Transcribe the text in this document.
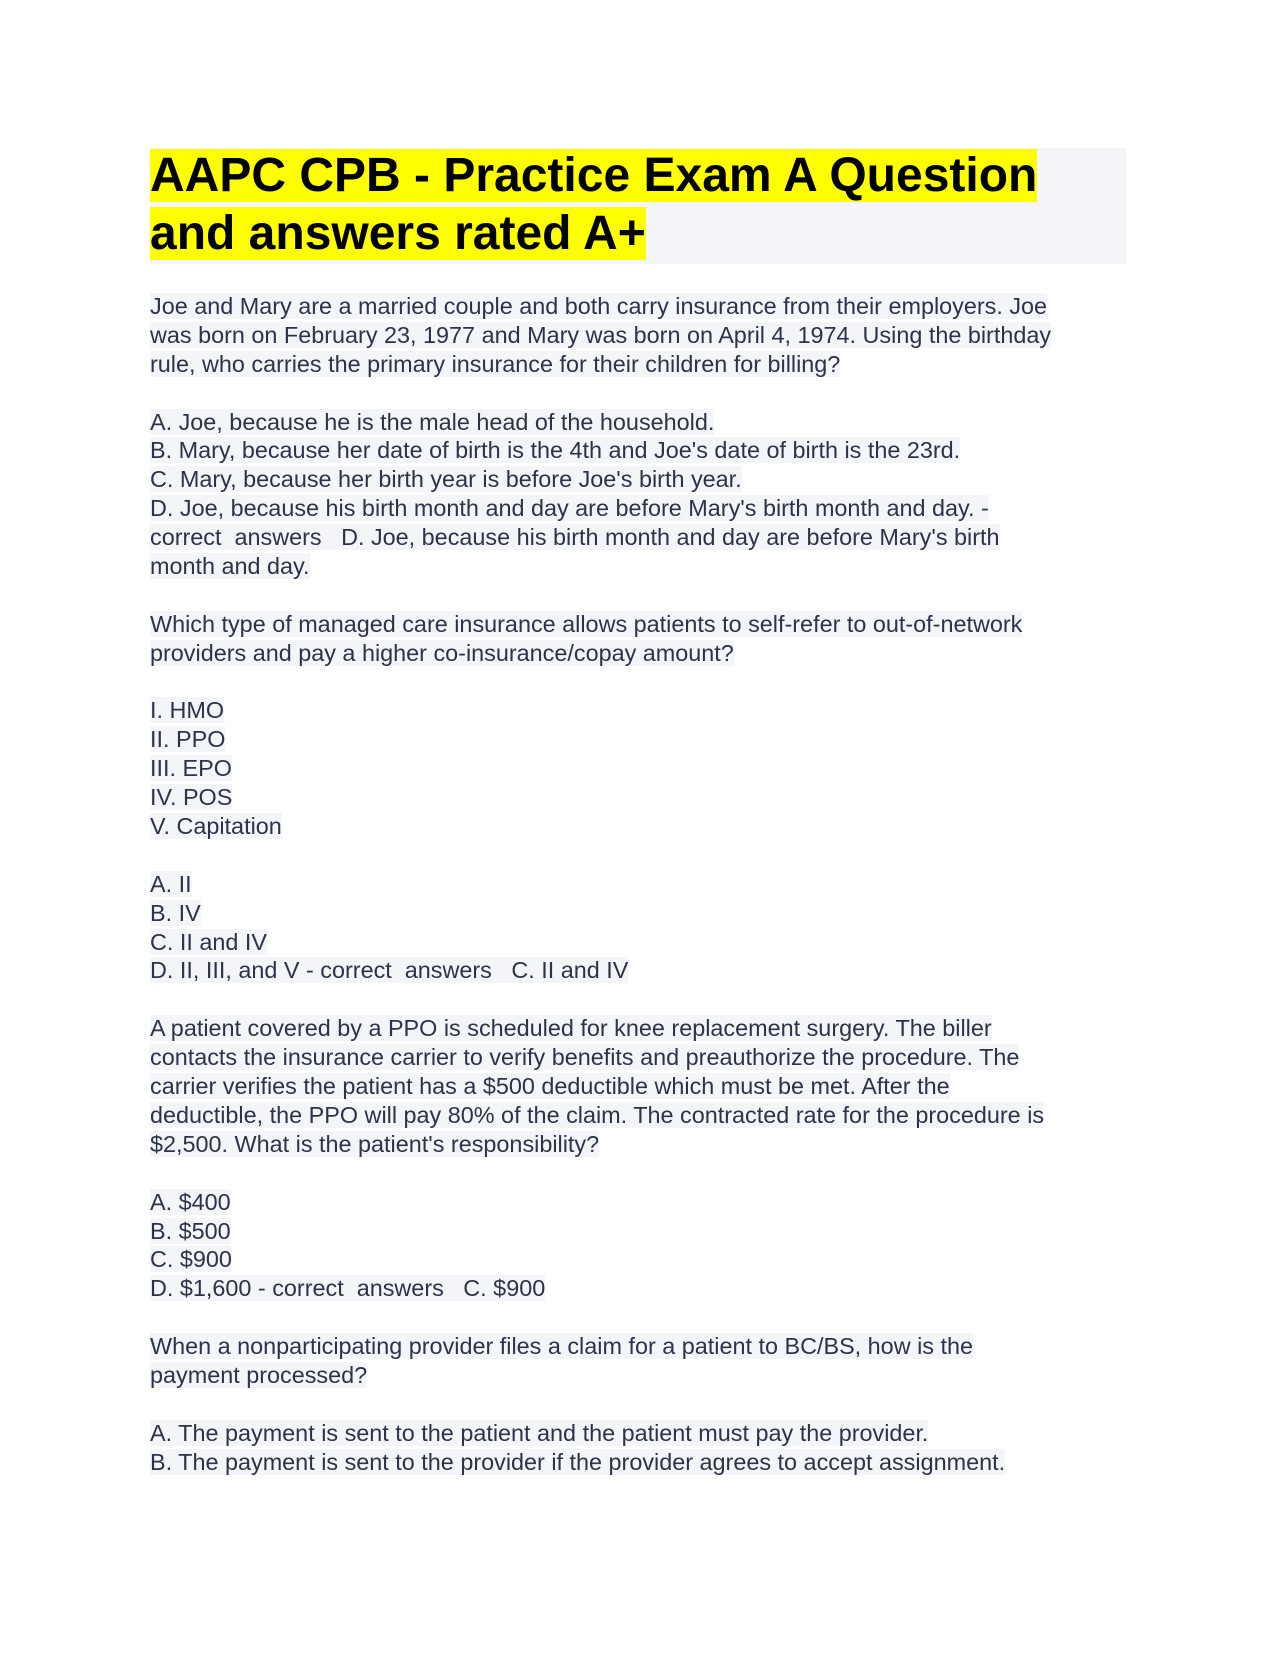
AAPC CPB - Practice Exam A Question
and answers rated A+
Joe and Mary are a married couple and both carry insurance from their employers. Joe
was born on February 23, 1977 and Mary was born on April 4, 1974. Using the birthday
rule, who carries the primary insurance for their children for billing?
A. Joe, because he is the male head of the household.
B. Mary, because her date of birth is the 4th and Joe's date of birth is the 23rd.
C. Mary, because her birth year is before Joe's birth year.
D. Joe, because his birth month and day are before Mary's birth month and day. -
correct  answers   D. Joe, because his birth month and day are before Mary's birth
month and day.
Which type of managed care insurance allows patients to self-refer to out-of-network
providers and pay a higher co-insurance/copay amount?
I. HMO
II. PPO
III. EPO
IV. POS
V. Capitation
A. II
B. IV
C. II and IV
D. II, III, and V - correct  answers   C. II and IV
A patient covered by a PPO is scheduled for knee replacement surgery. The biller
contacts the insurance carrier to verify benefits and preauthorize the procedure. The
carrier verifies the patient has a $500 deductible which must be met. After the
deductible, the PPO will pay 80% of the claim. The contracted rate for the procedure is
$2,500. What is the patient's responsibility?
A. $400
B. $500
C. $900
D. $1,600 - correct  answers   C. $900
When a nonparticipating provider files a claim for a patient to BC/BS, how is the
payment processed?
A. The payment is sent to the patient and the patient must pay the provider.
B. The payment is sent to the provider if the provider agrees to accept assignment.
